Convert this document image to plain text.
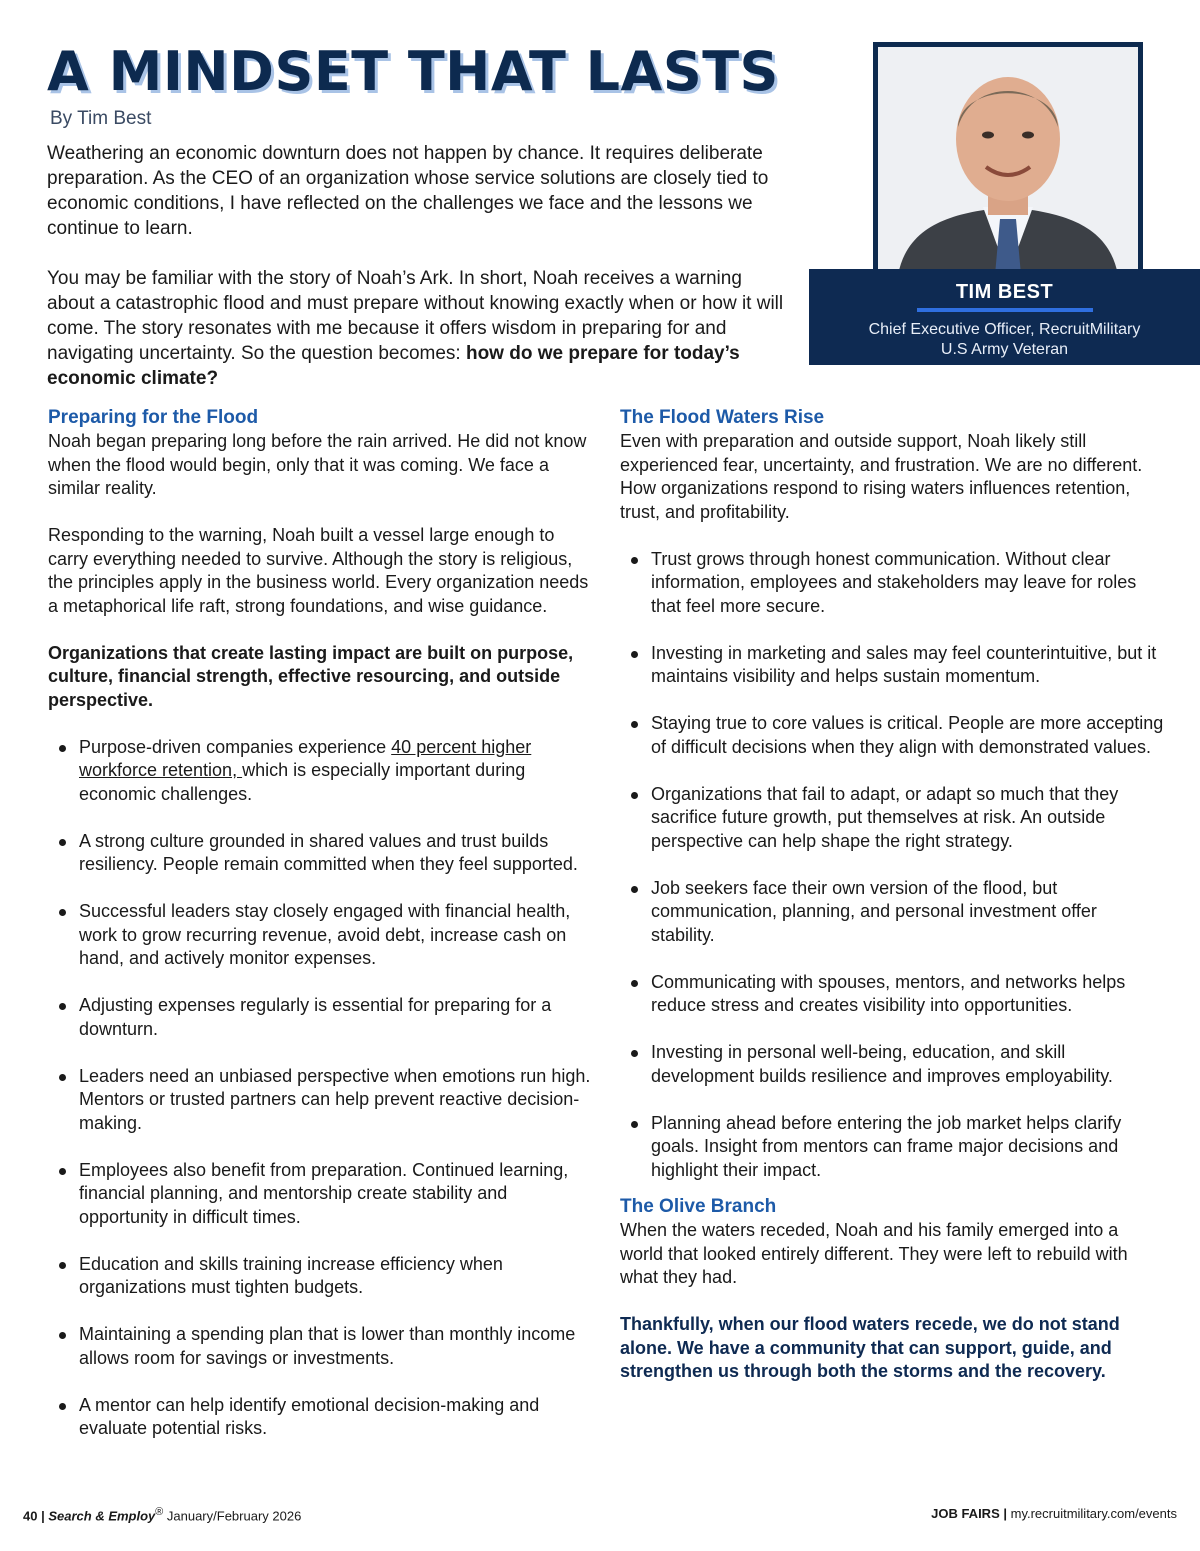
A MINDSET THAT LASTS

By Tim Best

Weathering an economic downturn does not happen by chance. It requires deliberate preparation. As the CEO of an organization whose service solutions are closely tied to economic conditions, I have reflected on the challenges we face and the lessons we continue to learn.

You may be familiar with the story of Noah’s Ark. In short, Noah receives a warning about a catastrophic flood and must prepare without knowing exactly when or how it will come. The story resonates with me because it offers wisdom in preparing for and navigating uncertainty. So the question becomes: how do we prepare for today’s economic climate?

TIM BEST
Chief Executive Officer, RecruitMilitary
U.S Army Veteran
Preparing for the Flood

Noah began preparing long before the rain arrived. He did not know when the flood would begin, only that it was coming. We face a similar reality.

Responding to the warning, Noah built a vessel large enough to carry everything needed to survive. Although the story is religious, the principles apply in the business world. Every organization needs a metaphorical life raft, strong foundations, and wise guidance.

Organizations that create lasting impact are built on purpose, culture, financial strength, effective resourcing, and outside perspective.

Purpose-driven companies experience 40 percent higher workforce retention, which is especially important during economic challenges.
A strong culture grounded in shared values and trust builds resiliency. People remain committed when they feel supported.
Successful leaders stay closely engaged with financial health, work to grow recurring revenue, avoid debt, increase cash on hand, and actively monitor expenses.
Adjusting expenses regularly is essential for preparing for a downturn.
Leaders need an unbiased perspective when emotions run high. Mentors or trusted partners can help prevent reactive decision-making.
Employees also benefit from preparation. Continued learning, financial planning, and mentorship create stability and opportunity in difficult times.
Education and skills training increase efficiency when organizations must tighten budgets.
Maintaining a spending plan that is lower than monthly income allows room for savings or investments.
A mentor can help identify emotional decision-making and evaluate potential risks.
The Flood Waters Rise

Even with preparation and outside support, Noah likely still experienced fear, uncertainty, and frustration. We are no different. How organizations respond to rising waters influences retention, trust, and profitability.

Trust grows through honest communication. Without clear information, employees and stakeholders may leave for roles that feel more secure.
Investing in marketing and sales may feel counterintuitive, but it maintains visibility and helps sustain momentum.
Staying true to core values is critical. People are more accepting of difficult decisions when they align with demonstrated values.
Organizations that fail to adapt, or adapt so much that they sacrifice future growth, put themselves at risk. An outside perspective can help shape the right strategy.
Job seekers face their own version of the flood, but communication, planning, and personal investment offer stability.
Communicating with spouses, mentors, and networks helps reduce stress and creates visibility into opportunities.
Investing in personal well-being, education, and skill development builds resilience and improves employability.
Planning ahead before entering the job market helps clarify goals. Insight from mentors can frame major decisions and highlight their impact.
The Olive Branch

When the waters receded, Noah and his family emerged into a world that looked entirely different. They were left to rebuild with what they had.

Thankfully, when our flood waters recede, we do not stand alone. We have a community that can support, guide, and strengthen us through both the storms and the recovery.

40 | Search & Employ® January/February 2026	JOB FAIRS | my.recruitmilitary.com/events
